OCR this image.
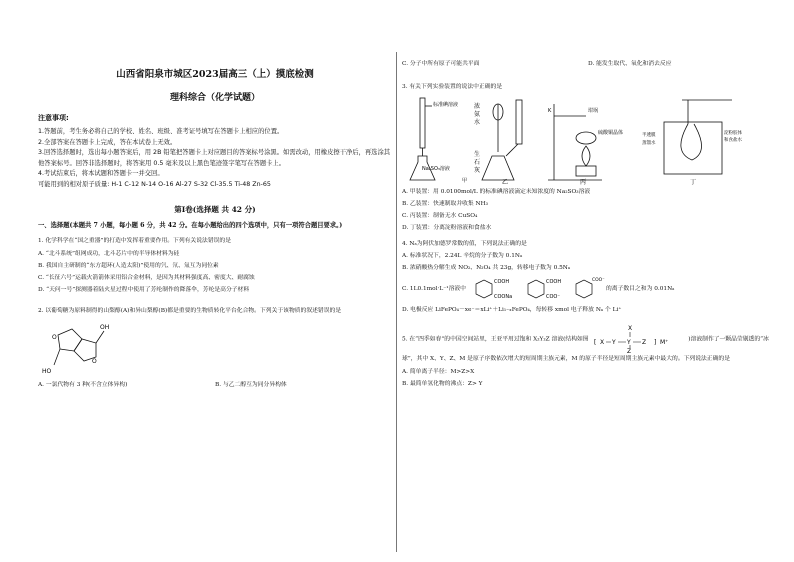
山西省阳泉市城区2023届高三（上）摸底检测
理科综合（化学试题）
注意事项:
1.答题前，考生务必将自己的学校、姓名、班级、准考证号填写在答题卡上相应的位置。
2.全部答案在答题卡上完成，答在本试卷上无效。
3.回答选择题时，选出每小题答案后，用 2B 铅笔把答题卡上对应题目的答案标号涂黑。如需改动，用橡皮擦干净后，再选涂其他答案标号。回答非选择题时，将答案用 0.5 毫米及以上黑色笔迹签字笔写在答题卡上。
4.考试结束后，将本试题和答题卡一并交回。
可能用到的相对原子质量: H-1 C-12 N-14 O-16 Al-27 S-32 Cl-35.5 Ti-48 Zn-65
第Ⅰ卷(选择题 共 42 分)
一、选择题(本题共 7 小题，每小题 6 分，共 42 分。在每小题给出的四个选项中，只有一项符合题目要求。)
1. 化学科学在“国之重器”的打造中发挥着重要作用。下列有关说法错误的是
A. “北斗系统”组网成功，北斗芯片中的半导体材料为硅
B. 我国自主研制的“东方超环(人造太阳)”使用的氕、氘、氚互为同位素
C. “长征六号”运载火箭箭体采用铝合金材料，是因为其材料强度高、密度大、耐腐蚀
D. “天问一号”探测器着陆火星过程中使用了芳纶制作的降落伞，芳纶是高分子材料
2. 以葡萄糖为原料制得的山梨醇(A)和异山梨醇(B)都是重要的生物质转化平台化合物。下列关于该物质的叙述错误的是
OH
HO
O
O
A. 一氯代物有 3 种(不含立体异构)	B. 与乙二醇互为同分异构体
C. 分子中所有原子可能共平面	D. 能发生取代、氧化和消去反应
3. 有关下列实验装置的说法中正确的是
标准碘溶液
Na₂SO₃溶液
甲
浓
氨
水
生
石
灰
乙
K	坩埚
硫酸铜晶体
丙
半透膜
蒸馏水
淀粉胶体
和食盐水
丁
A. 甲装置：用 0.0100mol/L 的标准碘溶液滴定未知浓度的 Na₂SO₃溶液
B. 乙装置：快速制取并收集 NH₃
C. 丙装置：制备无水 CuSO₄
D. 丁装置：分离淀粉溶液和食盐水
4. Nₐ为阿伏加德罗常数的值，下列说法正确的是
A. 标准状况下，2.24L 辛烷的分子数为 0.1Nₐ
B. 浓硝酸热分解生成 NO₂、N₂O₄ 共 23g，转移电子数为 0.5Nₐ
C. 1L0.1mol·L⁻¹溶液中
COOH
COONa
COOH
COO⁻
COO⁻
的离子数目之和为 0.01Nₐ
D. 电极反应 LiFePO₄－xe⁻＝xLi⁺＋Li₁₋ₓFePO₄，每转移 xmol 电子释放 Nₐ 个 Li⁺
5. 在“四季如春”的中国空间站里，王亚平用过饱和 X₂Y₂Z 溶液(结构如图
X
[ X Y Y Z
Z
] M⁺	)溶液制作了一颗晶莹剔透的“冰球”，其中 X、Y、Z、M 是原子序数依次增大的短周期主族元素，M 的原子半径是短周期主族元素中最大的。下列说法正确的是
A. 简单离子半径：M>Z>X
B. 最简单氢化物的沸点：Z> Y
